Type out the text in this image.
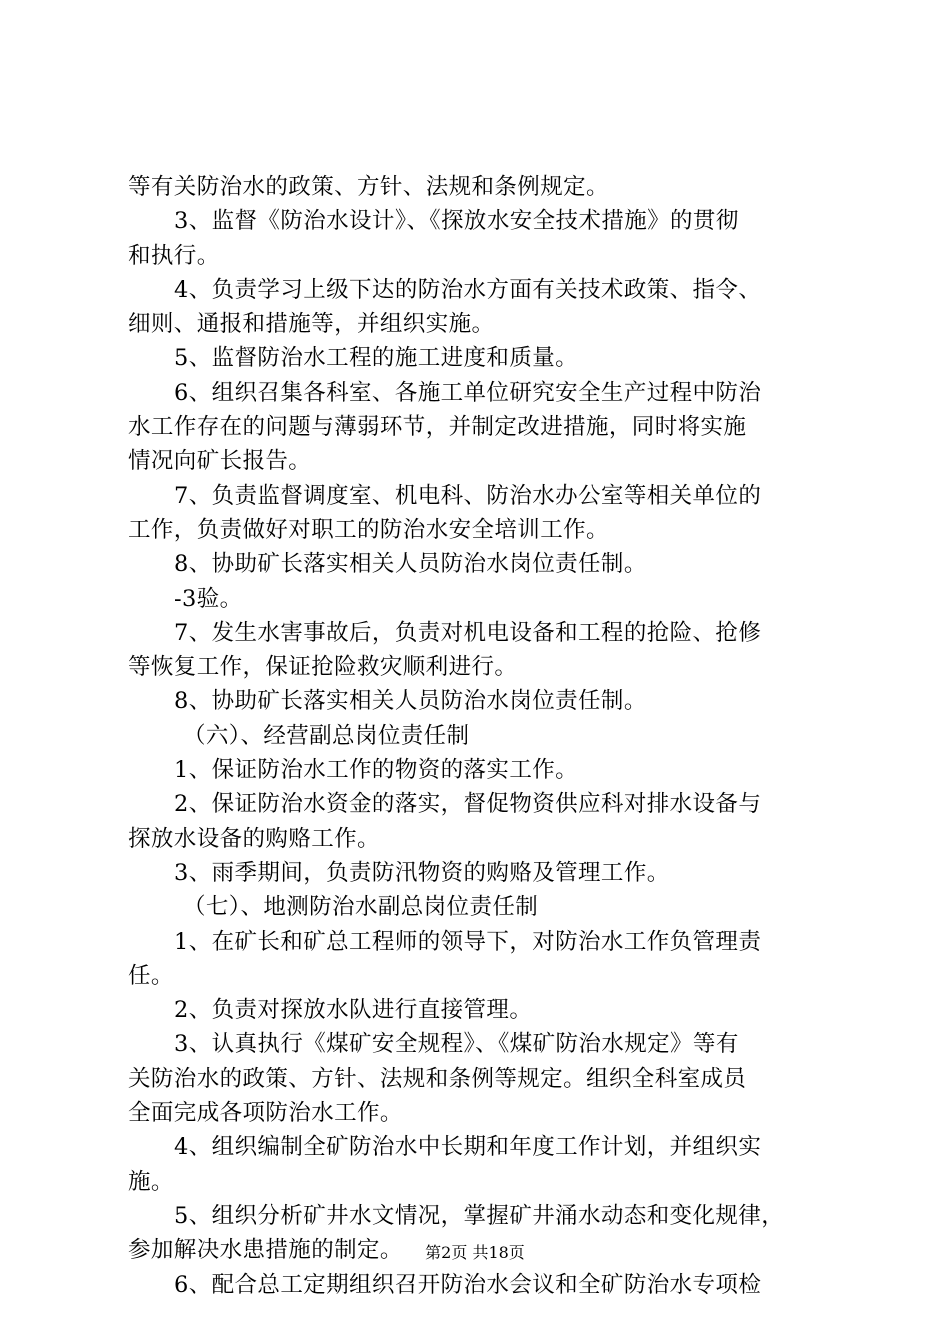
等有关防治水的政策、方针、法规和条例规定。
3、监督《防治水设计》、《探放水安全技术措施》的贯彻
和执行。
4、负责学习上级下达的防治水方面有关技术政策、指令、
细则、通报和措施等，并组织实施。
5、监督防治水工程的施工进度和质量。
6、组织召集各科室、各施工单位研究安全生产过程中防治
水工作存在的问题与薄弱环节，并制定改进措施，同时将实施
情况向矿长报告。
7、负责监督调度室、机电科、防治水办公室等相关单位的
工作，负责做好对职工的防治水安全培训工作。
8、协助矿长落实相关人员防治水岗位责任制。
-3验。
7、发生水害事故后，负责对机电设备和工程的抢险、抢修
等恢复工作，保证抢险救灾顺利进行。
8、协助矿长落实相关人员防治水岗位责任制。
（六）、经营副总岗位责任制
1、保证防治水工作的物资的落实工作。
2、保证防治水资金的落实，督促物资供应科对排水设备与
探放水设备的购赂工作。
3、雨季期间，负责防汛物资的购赂及管理工作。
（七）、地测防治水副总岗位责任制
1、在矿长和矿总工程师的领导下，对防治水工作负管理责
任。
2、负责对探放水队进行直接管理。
3、认真执行《煤矿安全规程》、《煤矿防治水规定》等有
关防治水的政策、方针、法规和条例等规定。组织全科室成员
全面完成各项防治水工作。
4、组织编制全矿防治水中长期和年度工作计划，并组织实
施。
5、组织分析矿井水文情况，掌握矿井涌水动态和变化规律，
参加解决水患措施的制定。
6、配合总工定期组织召开防治水会议和全矿防治水专项检
第2页 共18页
